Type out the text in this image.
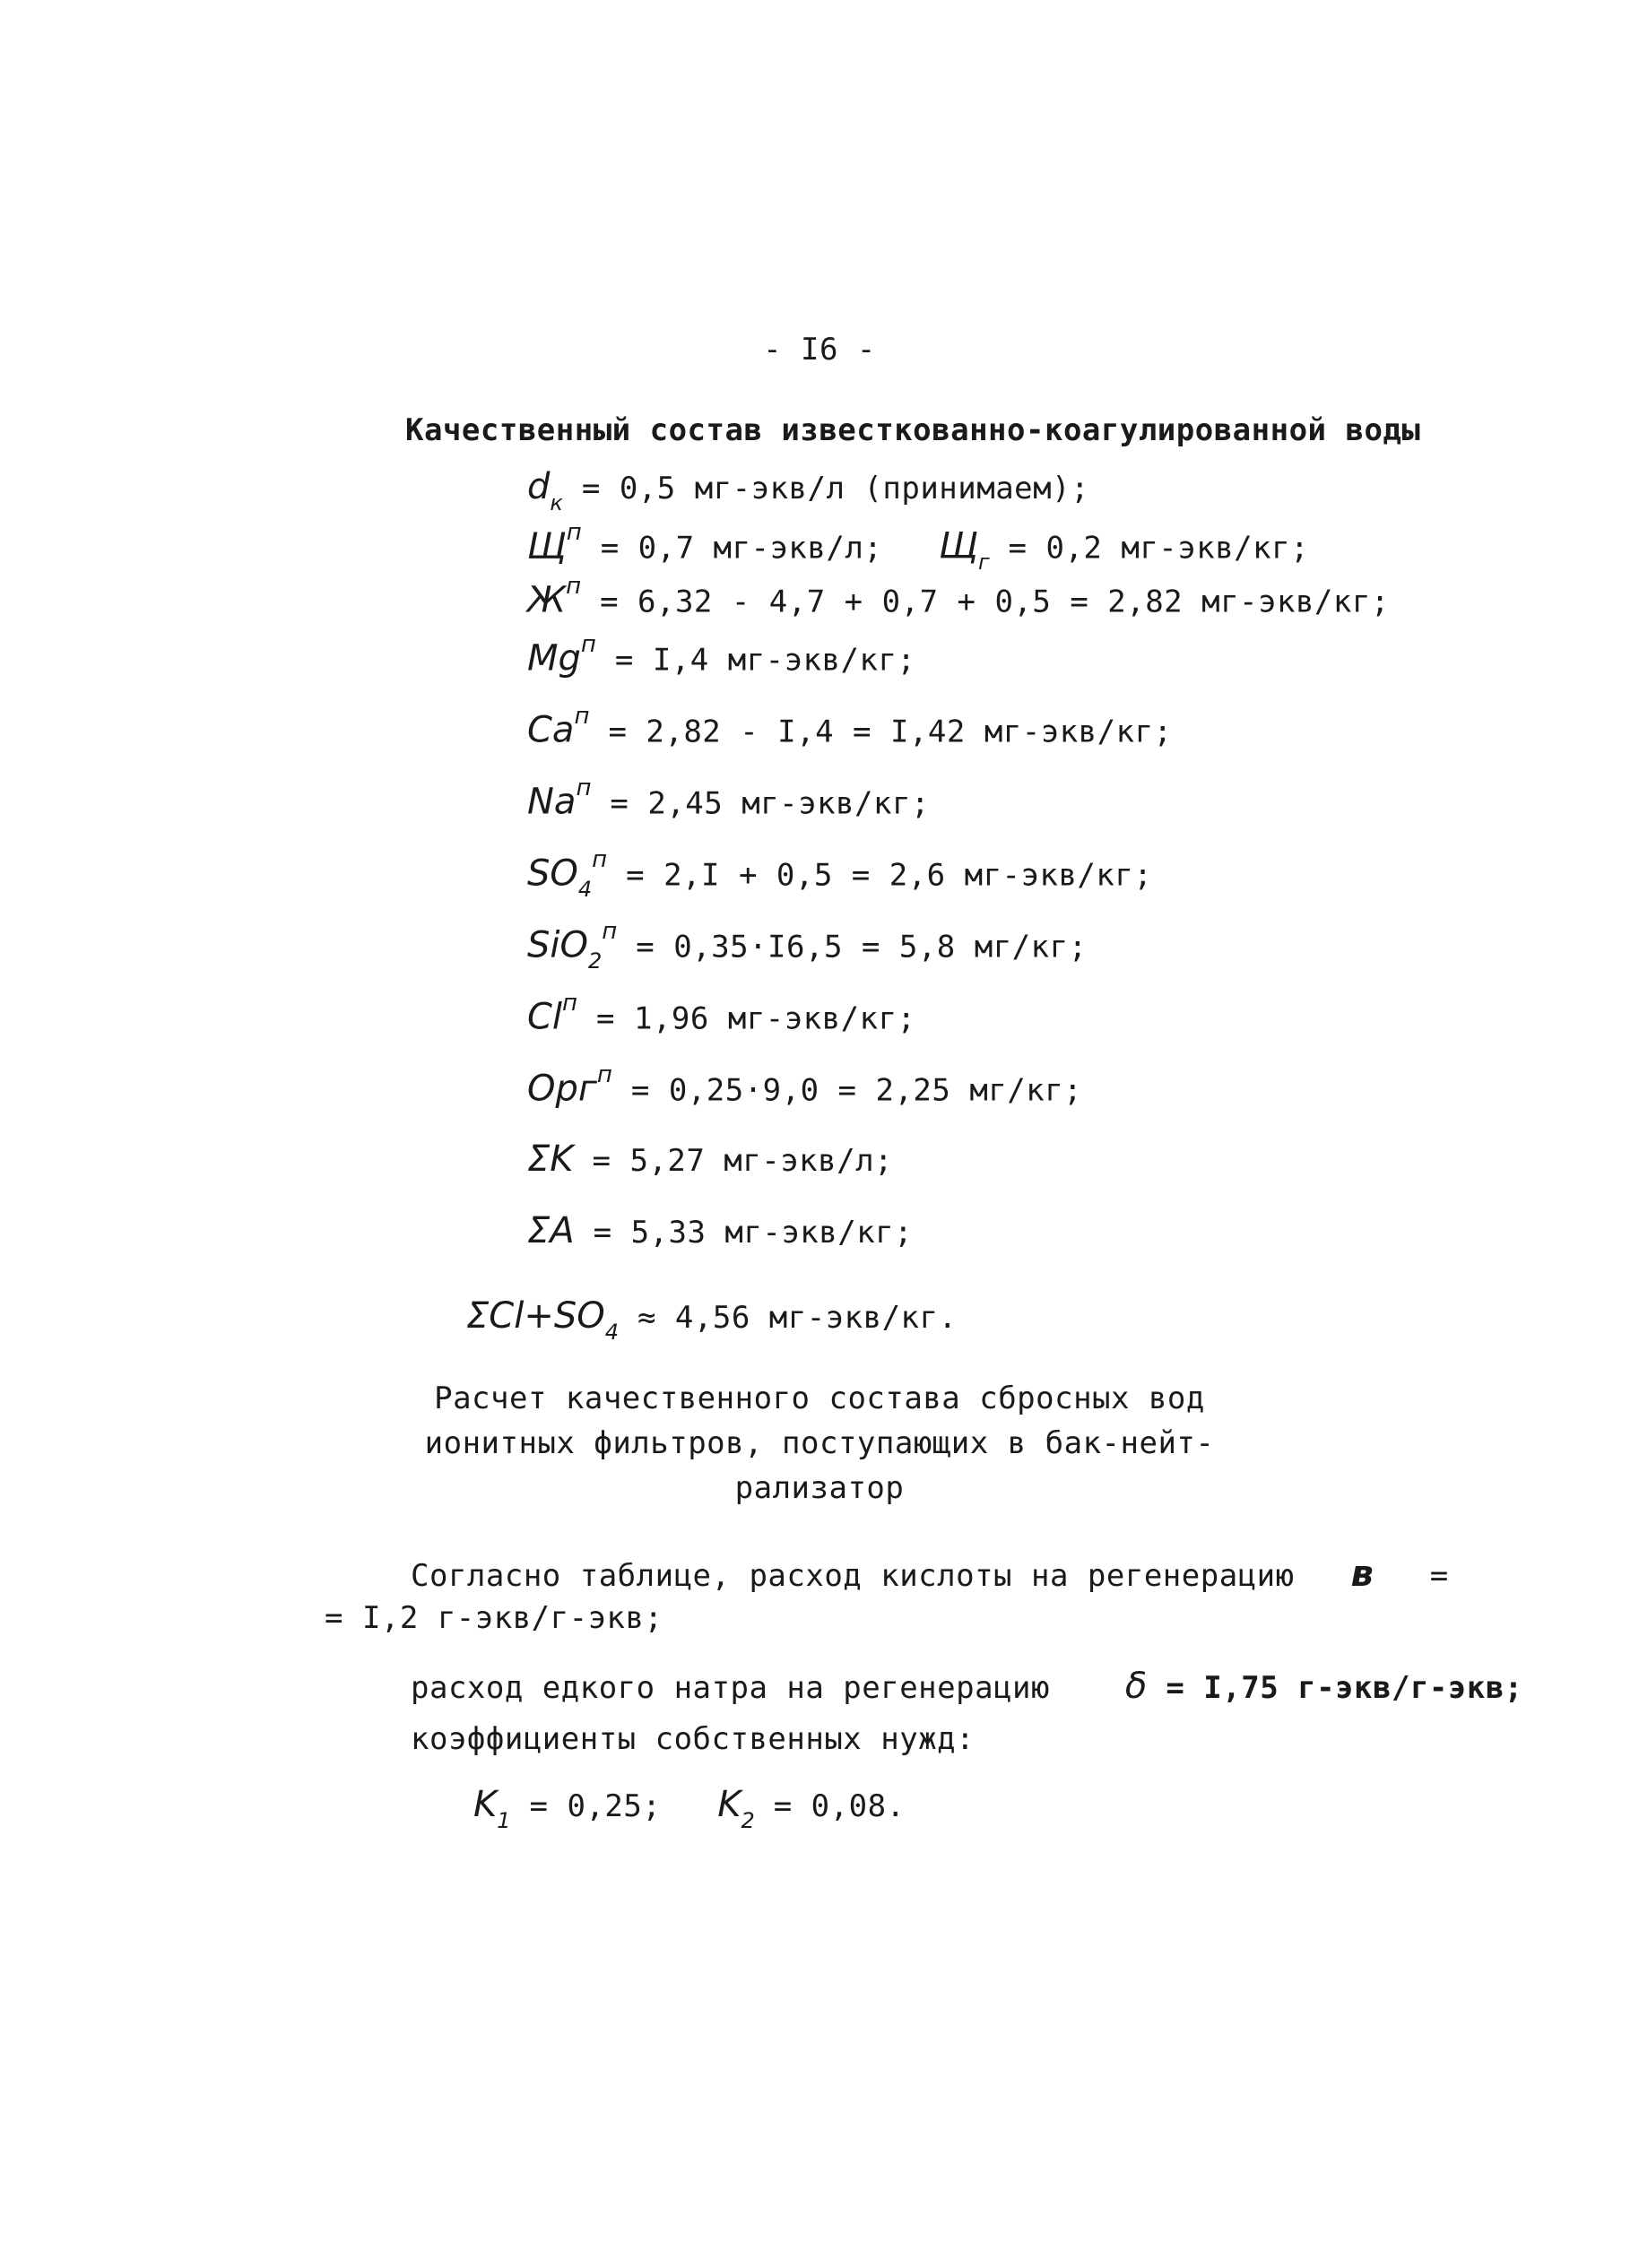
- I6 -
Качественный состав известкованно-коагулированной воды
$d_к = 0,5$ мг-экв/л (принимаем);
$Щ^п = 0,7$ мг-экв/л; $Щ_г = 0,2$ мг-экв/кг;
$Ж^п = 6,32 - 4,7 + 0,7 + 0,5 = 2,82$ мг-экв/кг;
$Mg^п = I,4$ мг-экв/кг;
$Ca^п = 2,82 - I,4 = I,42$ мг-экв/кг;
$Na^п = 2,45$ мг-экв/кг;
$SO_4^п = 2,I + 0,5 = 2,6$ мг-экв/кг;
SiO$_2^п$ = 0,35·I6,5 = 5,8 мг/кг;
$Cl^п = 1,96$ мг-экв/кг;
Орг$^п$ = 0,25·9,0 = 2,25 мг/кг;
ΣK = 5,27 мг-экв/л;
ΣA = 5,33 мг-экв/кг;
$\Sigma Cl+SO_4 \approx 4,56$ мг-экв/кг.
Расчет качественного состава сбросных вод
ионитных фильтров, поступающих в бак-нейт-
рализатор
Согласно таблице, расход кислоты на регенерацию в =
= I,2 г-экв/г-экв;
расход едкого натра на регенерацию δ = I,75 г-экв/г-экв;
коэффициенты собственных нужд:
$K_1 = 0,25$; $K_2 = 0,08$.
